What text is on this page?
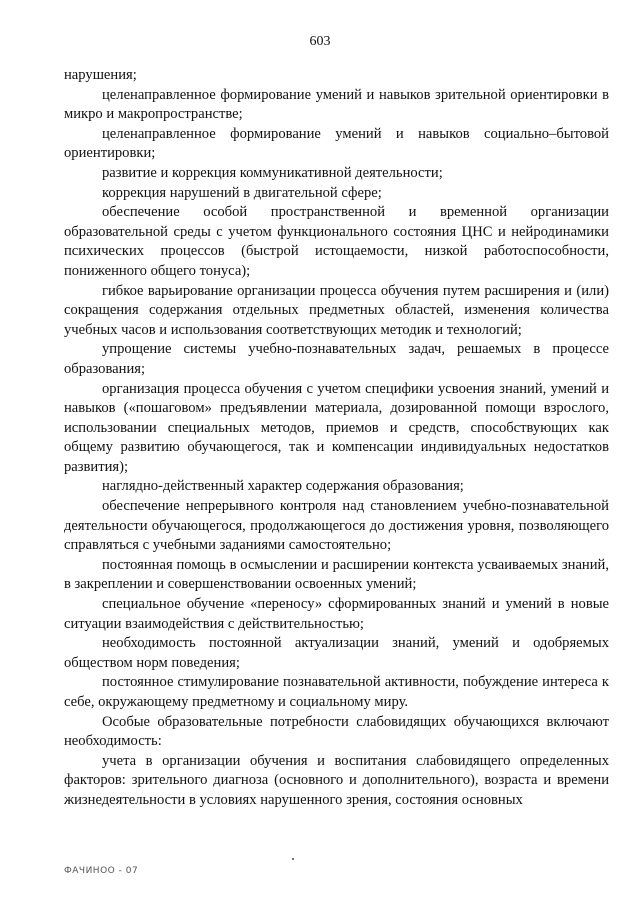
603

нарушения;

целенаправленное формирование умений и навыков зрительной ориентировки в микро и макропространстве;

целенаправленное формирование умений и навыков социально–бытовой ориентировки;

развитие и коррекция коммуникативной деятельности;

коррекция нарушений в двигательной сфере;

обеспечение особой пространственной и временной организации образовательной среды с учетом функционального состояния ЦНС и нейродинамики психических процессов (быстрой истощаемости, низкой работоспособности, пониженного общего тонуса);

гибкое варьирование организации процесса обучения путем расширения и (или) сокращения содержания отдельных предметных областей, изменения количества учебных часов и использования соответствующих методик и технологий;

упрощение системы учебно-познавательных задач, решаемых в процессе образования;

организация процесса обучения с учетом специфики усвоения знаний, умений и навыков («пошаговом» предъявлении материала, дозированной помощи взрослого, использовании специальных методов, приемов и средств, способствующих как общему развитию обучающегося, так и компенсации индивидуальных недостатков развития);

наглядно-действенный характер содержания образования;

обеспечение непрерывного контроля над становлением учебно-познавательной деятельности обучающегося, продолжающегося до достижения уровня, позволяющего справляться с учебными заданиями самостоятельно;

постоянная помощь в осмыслении и расширении контекста усваиваемых знаний, в закреплении и совершенствовании освоенных умений;

специальное обучение «переносу» сформированных знаний и умений в новые ситуации взаимодействия с действительностью;

необходимость постоянной актуализации знаний, умений и одобряемых обществом норм поведения;

постоянное стимулирование познавательной активности, побуждение интереса к себе, окружающему предметному и социальному миру.

Особые образовательные потребности слабовидящих обучающихся включают необходимость:

учета в организации обучения и воспитания слабовидящего определенных факторов: зрительного диагноза (основного и дополнительного), возраста и времени жизнедеятельности в условиях нарушенного зрения, состояния основных

ФАЧИНОО - 07
